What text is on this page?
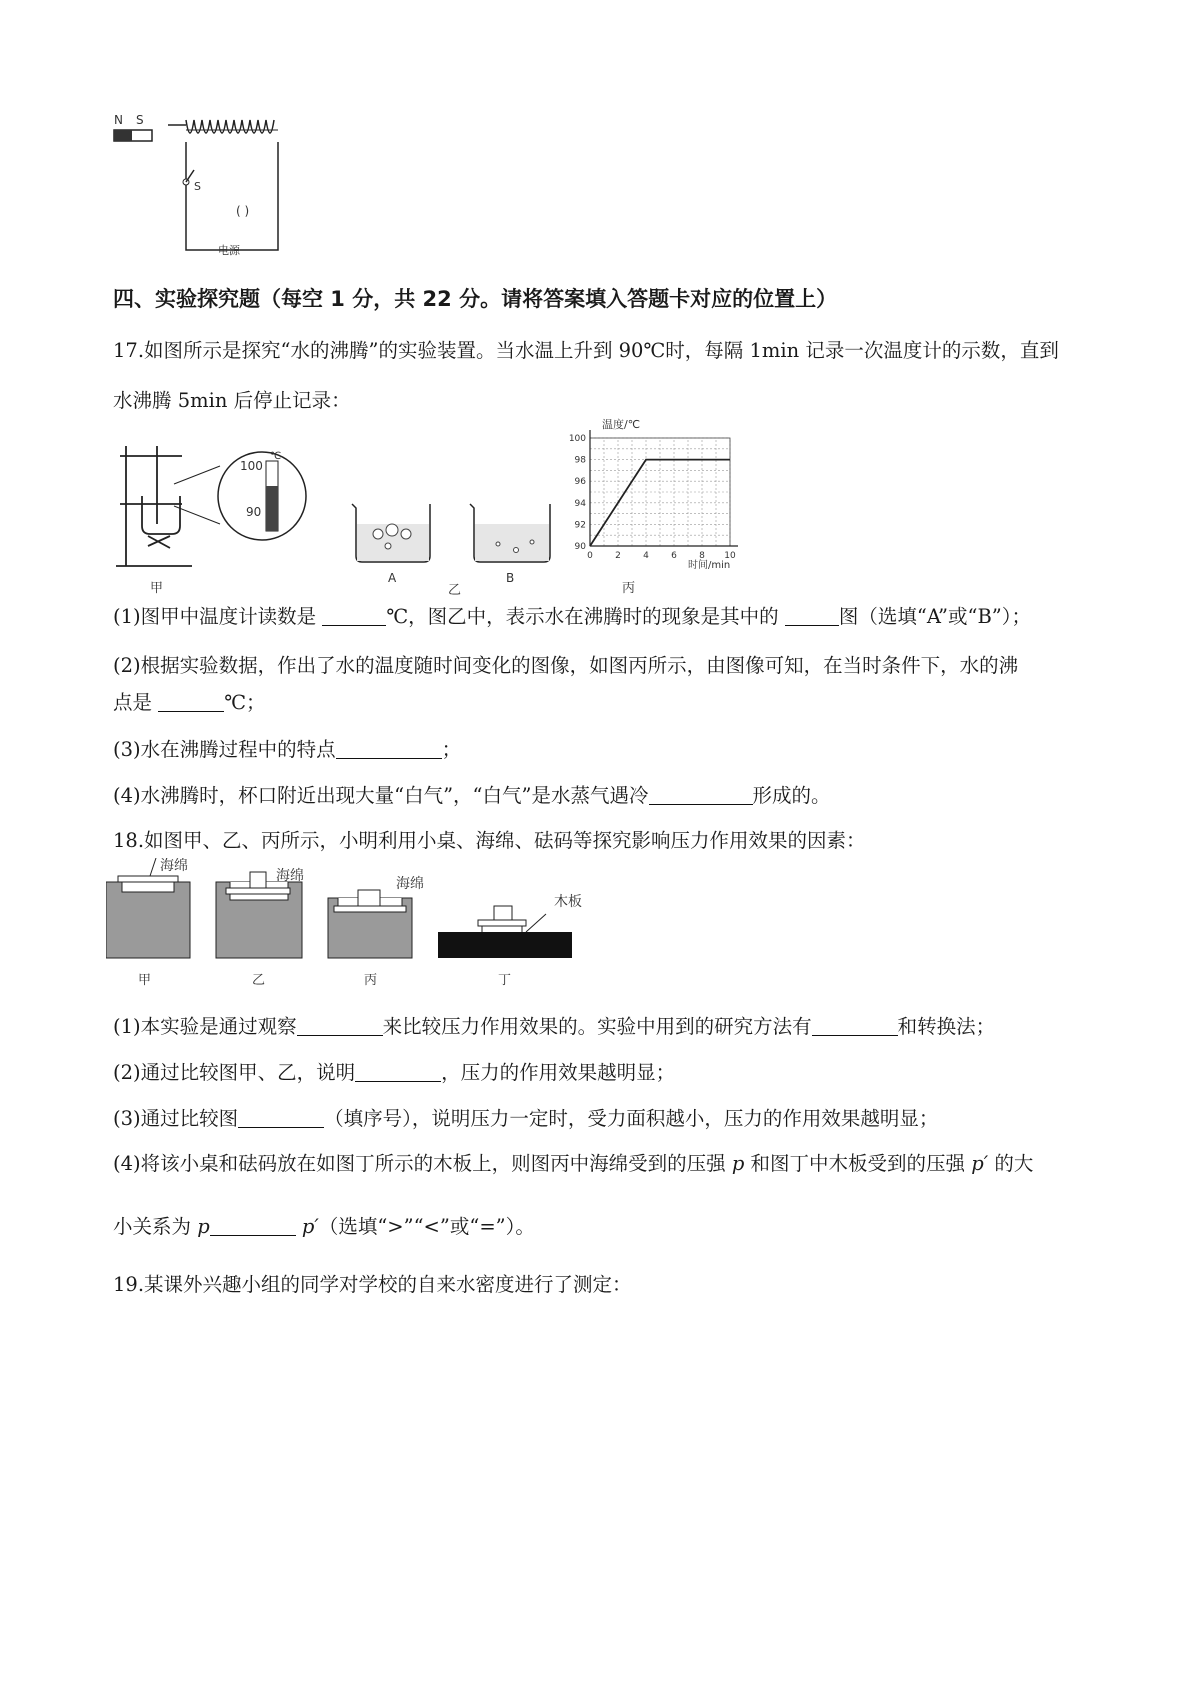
N S
S
( )
电源
四、实验探究题（每空 1 分，共 22 分。请将答案填入答题卡对应的位置上）
17.如图所示是探究“水的沸腾”的实验装置。当水温上升到 90℃时，每隔 1min 记录一次温度计的示数，直到
水沸腾 5min 后停止记录：
℃
100
90
甲
A	B
乙
温度/℃
时间/min
90
92
94
96
98
100
0 2 4 6 8 10
丙
(1)图甲中温度计读数是	℃，图乙中，表示水在沸腾时的现象是其中的	图（选填“A”或“B”）；
(2)根据实验数据，作出了水的温度随时间变化的图像，如图丙所示，由图像可知，在当时条件下，水的沸
点是	℃；
(3)水在沸腾过程中的特点	；
(4)水沸腾时，杯口附近出现大量“白气”，“白气”是水蒸气遇冷	形成的。
18.如图甲、乙、丙所示，小明利用小桌、海绵、砝码等探究影响压力作用效果的因素：
海绵
海绵	海绵
木板
甲	乙	丙	丁
(1)本实验是通过观察	来比较压力作用效果的。实验中用到的研究方法有	和转换法；
(2)通过比较图甲、乙，说明	，压力的作用效果越明显；
(3)通过比较图	（填序号），说明压力一定时，受力面积越小，压力的作用效果越明显；
(4)将该小桌和砝码放在如图丁所示的木板上，则图丙中海绵受到的压强 p 和图丁中木板受到的压强 p′ 的大
小关系为 p	p′（选填“>”“<”或“=”）。
19.某课外兴趣小组的同学对学校的自来水密度进行了测定：
